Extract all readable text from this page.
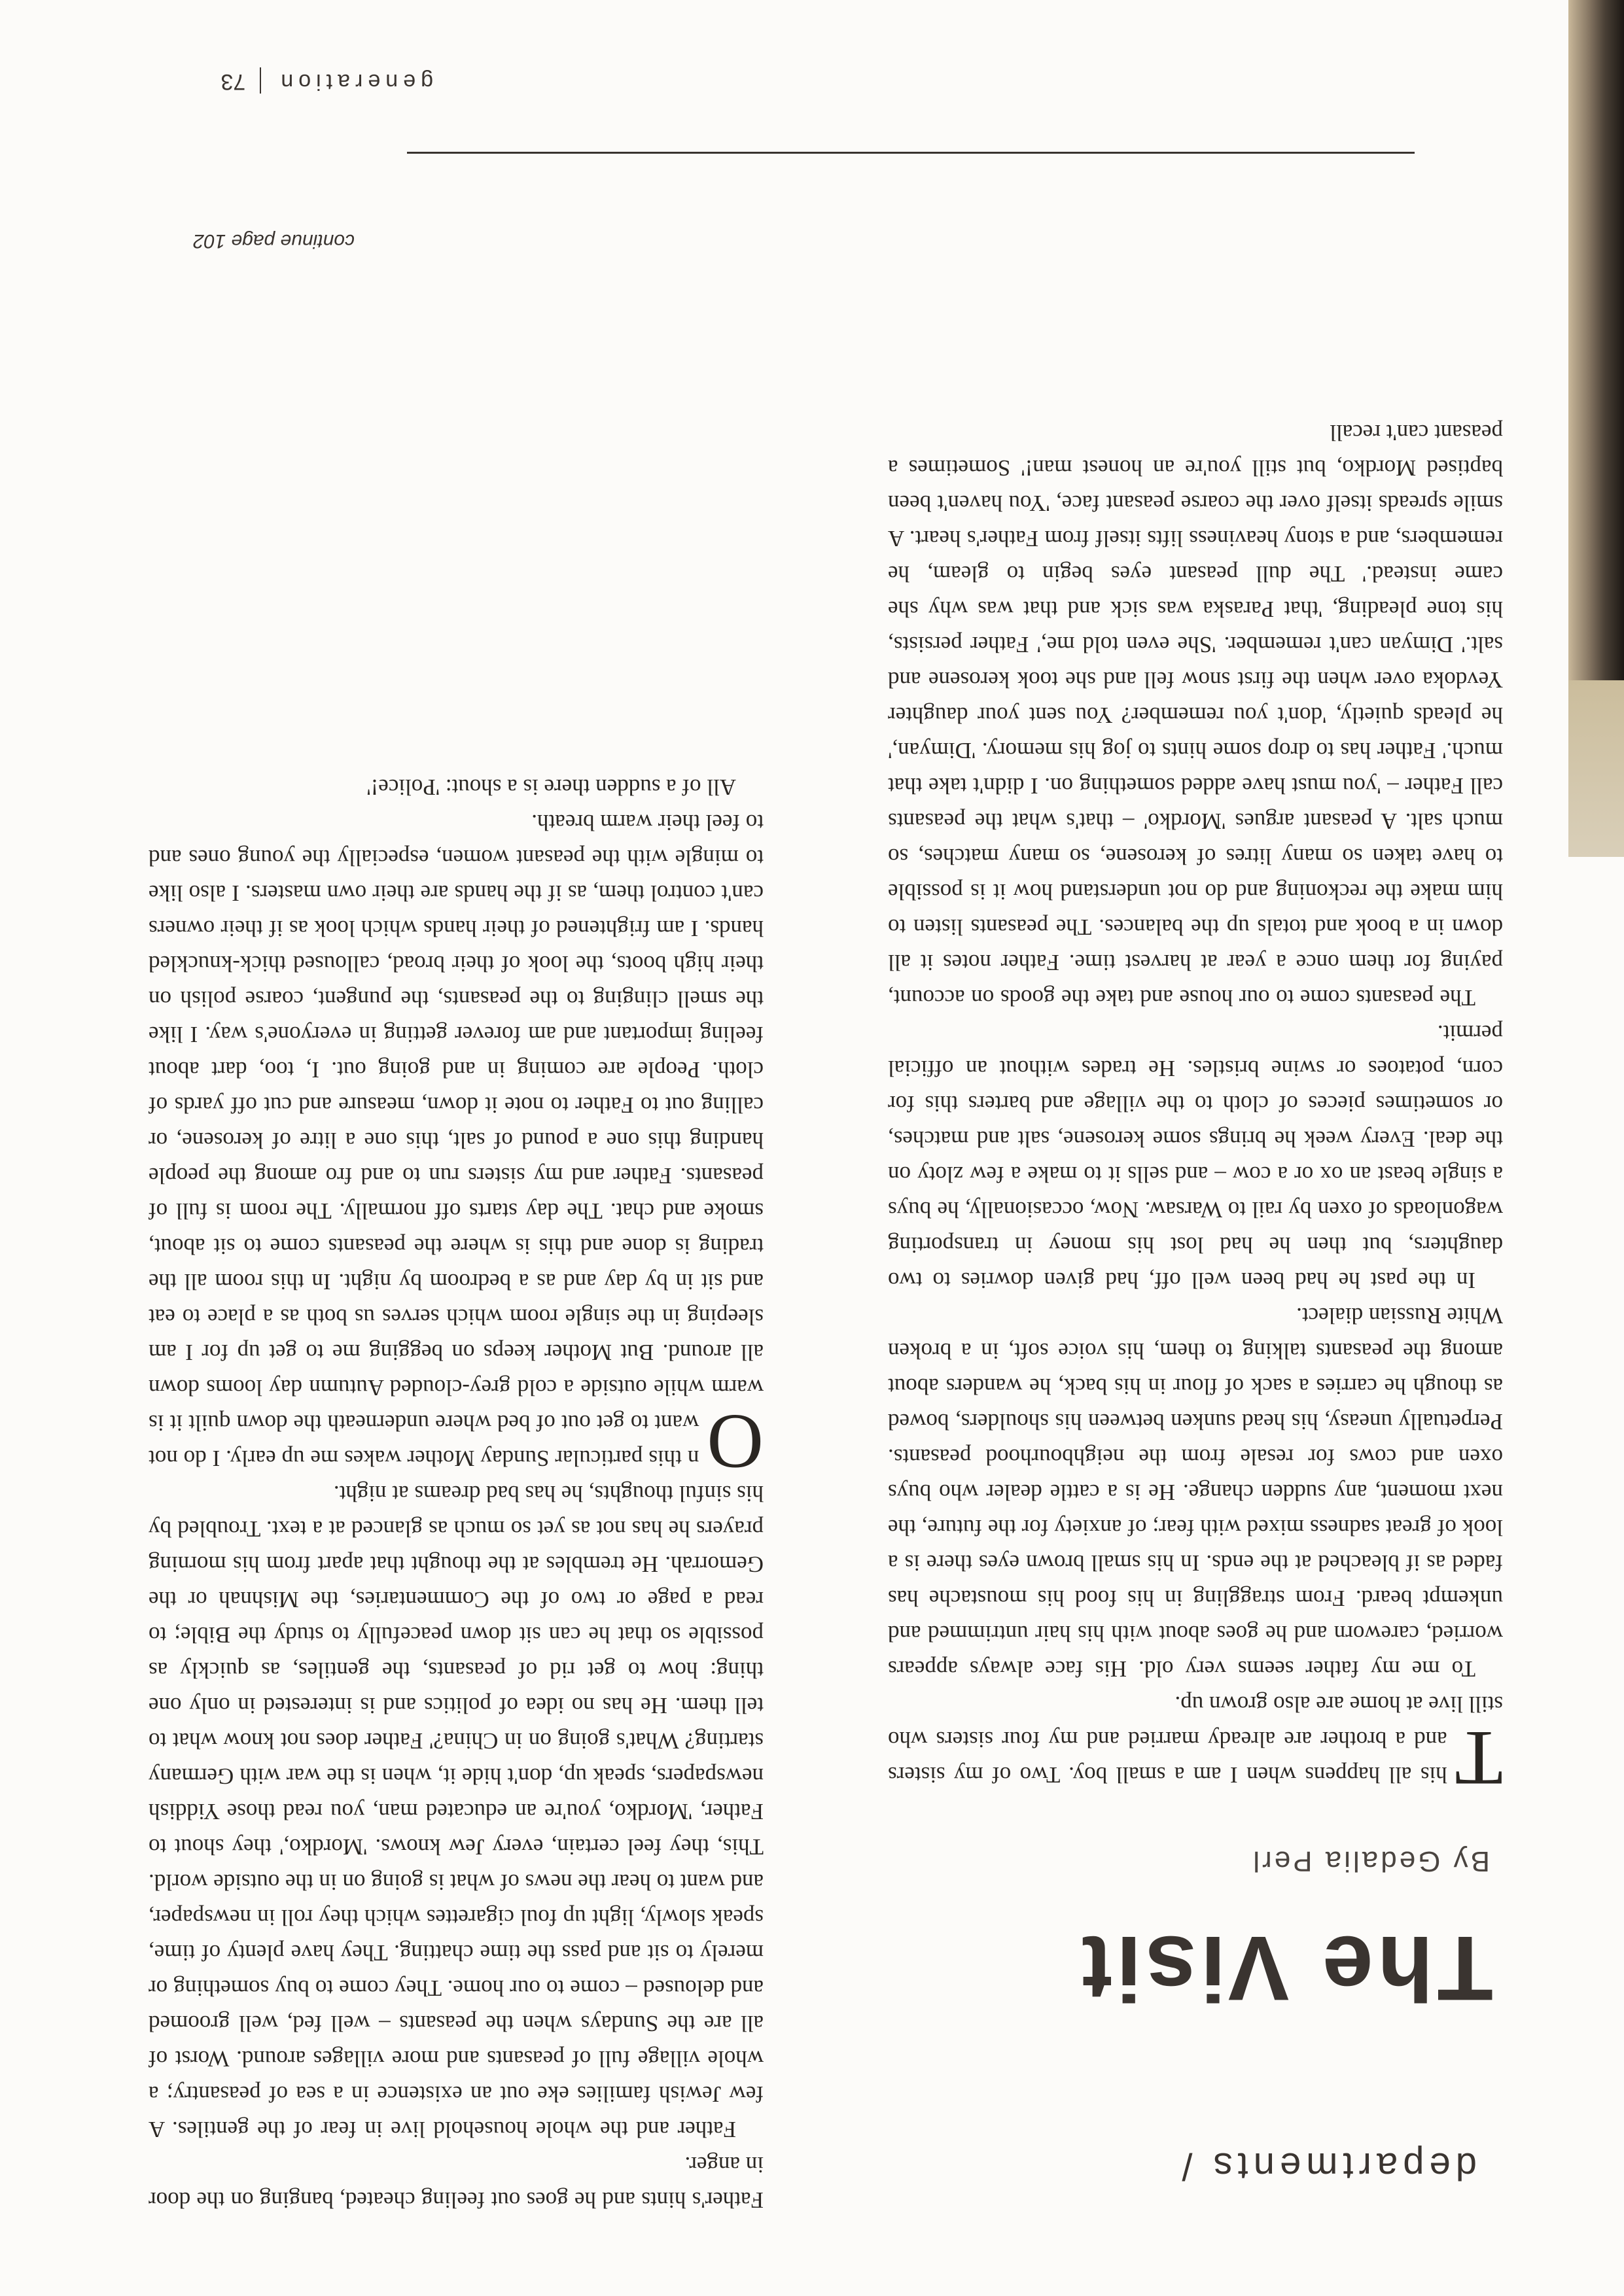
departments /
The Visit
By Gedalia Perl

T
his all happens when I am a small boy. Two of my sisters and a brother are already married and my four sisters who still live at home are also grown up.

To me my father seems very old. His face always appears worried, careworn and he goes about with his hair untrimmed and unkempt beard. From straggling in his food his moustache has faded as if bleached at the ends. In his small brown eyes there is a look of great sadness mixed with fear; of anxiety for the future, the next moment, any sudden change. He is a cattle dealer who buys oxen and cows for resale from the neighbourhood peasants. Perpetually uneasy, his head sunken between his shoulders, bowed as though he carries a sack of flour in his back, he wanders about among the peasants talking to them, his voice soft, in a broken White Russian dialect.

In the past he had been well off, had given dowries to two daughters, but then he had lost his money in transporting wagonloads of oxen by rail to Warsaw. Now, occasionally, he buys a single beast an ox or a cow – and sells it to make a few zloty on the deal. Every week he brings some kerosene, salt and matches, or sometimes pieces of cloth to the village and barters this for corn, potatoes or swine bristles. He trades without an official permit.

The peasants come to our house and take the goods on account, paying for them once a year at harvest time. Father notes it all down in a book and totals up the balances. The peasants listen to him make the reckoning and do not understand how it is possible to have taken so many litres of kerosene, so many matches, so much salt. A peasant argues 'Mordko' – that's what the peasants call Father – 'you must have added something on. I didn't take that much.' Father has to drop some hints to jog his memory. 'Dimyan,' he pleads quietly, 'don't you remember? You sent your daughter Yevdoka over when the first snow fell and she took kerosene and salt.' Dimyan can't remember. 'She even told me,' Father persists, his tone pleading, 'that Paraska was sick and that was why she came instead.' The dull peasant eyes begin to gleam, he remembers, and a stony heaviness lifts itself from Father's heart. A smile spreads itself over the coarse peasant face, 'You haven't been baptised Mordko, but still you're an honest man!' Sometimes a peasant can't recall

Father's hints and he goes out feeling cheated, banging on the door in anger.

Father and the whole household live in fear of the gentiles. A few Jewish families eke out an existence in a sea of peasantry; a whole village full of peasants and more villages around. Worst of all are the Sundays when the peasants – well fed, well groomed and deloused – come to our home. They come to buy something or merely to sit and pass the time chatting. They have plenty of time, speak slowly, light up foul cigarettes which they roll in newspaper, and want to hear the news of what is going on in the outside world. This, they feel certain, every Jew knows. 'Mordko,' they shout to Father, 'Mordko, you're an educated man, you read those Yiddish newspapers, speak up, don't hide it, when is the war with Germany starting? What's going on in China?' Father does not know what to tell them. He has no idea of politics and is interested in only one thing: how to get rid of peasants, the gentiles, as quickly as possible so that he can sit down peacefully to study the Bible; to read a page or two of the Commentaries, the Mishnah or the Gemorrah. He trembles at the thought that apart from his morning prayers he has not as yet so much as glanced at a text. Troubled by his sinful thoughts, he has bad dreams at night.

O
n this particular Sunday Mother wakes me up early. I do not want to get out of bed where underneath the down quilt it is warm while outside a cold grey-clouded Autumn day looms down all around. But Mother keeps on begging me to get up for I am sleeping in the single room which serves us both as a place to eat and sit in by day and as a bedroom by night. In this room all the trading is done and this is where the peasants come to sit about, smoke and chat. The day starts off normally. The room is full of peasants. Father and my sisters run to and fro among the people handing this one a pound of salt, this one a litre of kerosene, or calling out to Father to note it down, measure and cut off yards of cloth. People are coming in and going out. I, too, dart about feeling important and am forever getting in everyone's way. I like the smell clinging to the peasants, the pungent, coarse polish on their high boots, the look of their broad, calloused thick-knuckled hands. I am frightened of their hands which look as if their owners can't control them, as if the hands are their own masters. I also like to mingle with the peasant women, especially the young ones and to feel their warm breath.

All of a sudden there is a shout: 'Police!'

continue page 102
generation73
